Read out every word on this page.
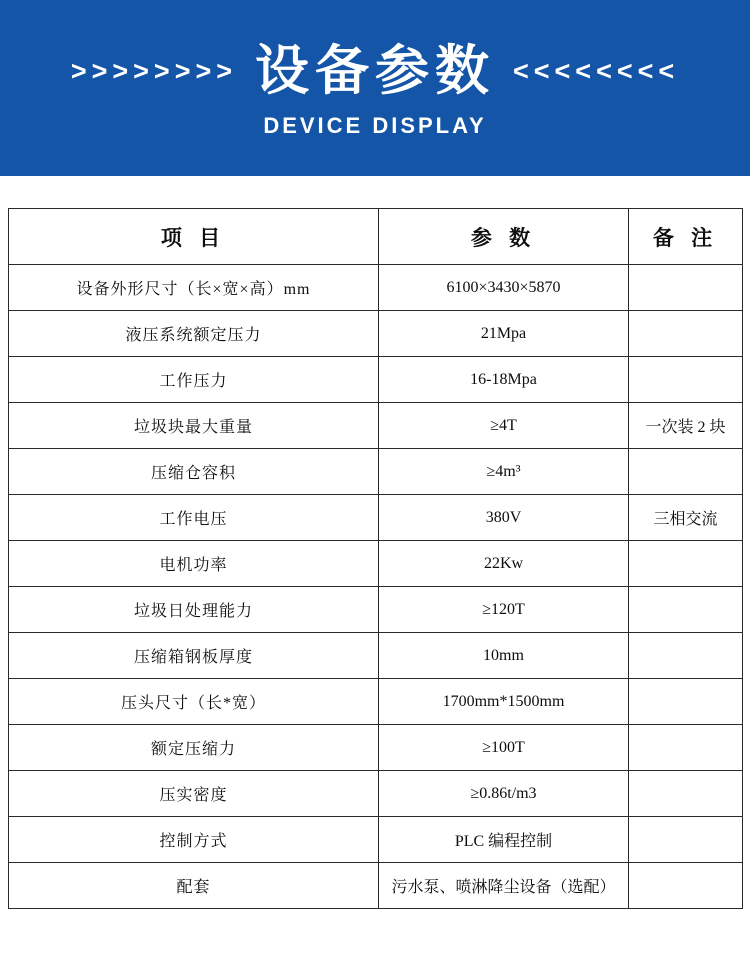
>>>>>>>> 设备参数 <<<<<<<<
DEVICE DISPLAY
项 目	参 数	备 注
设备外形尺寸（长×宽×高）mm	6100×3430×5870	
液压系统额定压力	21Mpa	
工作压力	16-18Mpa	
垃圾块最大重量	≥4T	一次装 2 块
压缩仓容积	≥4m³	
工作电压	380V	三相交流
电机功率	22Kw	
垃圾日处理能力	≥120T	
压缩箱钢板厚度	10mm	
压头尺寸（长*宽）	1700mm*1500mm	
额定压缩力	≥100T	
压实密度	≥0.86t/m3	
控制方式	PLC 编程控制	
配套	污水泵、喷淋降尘设备（选配）	
